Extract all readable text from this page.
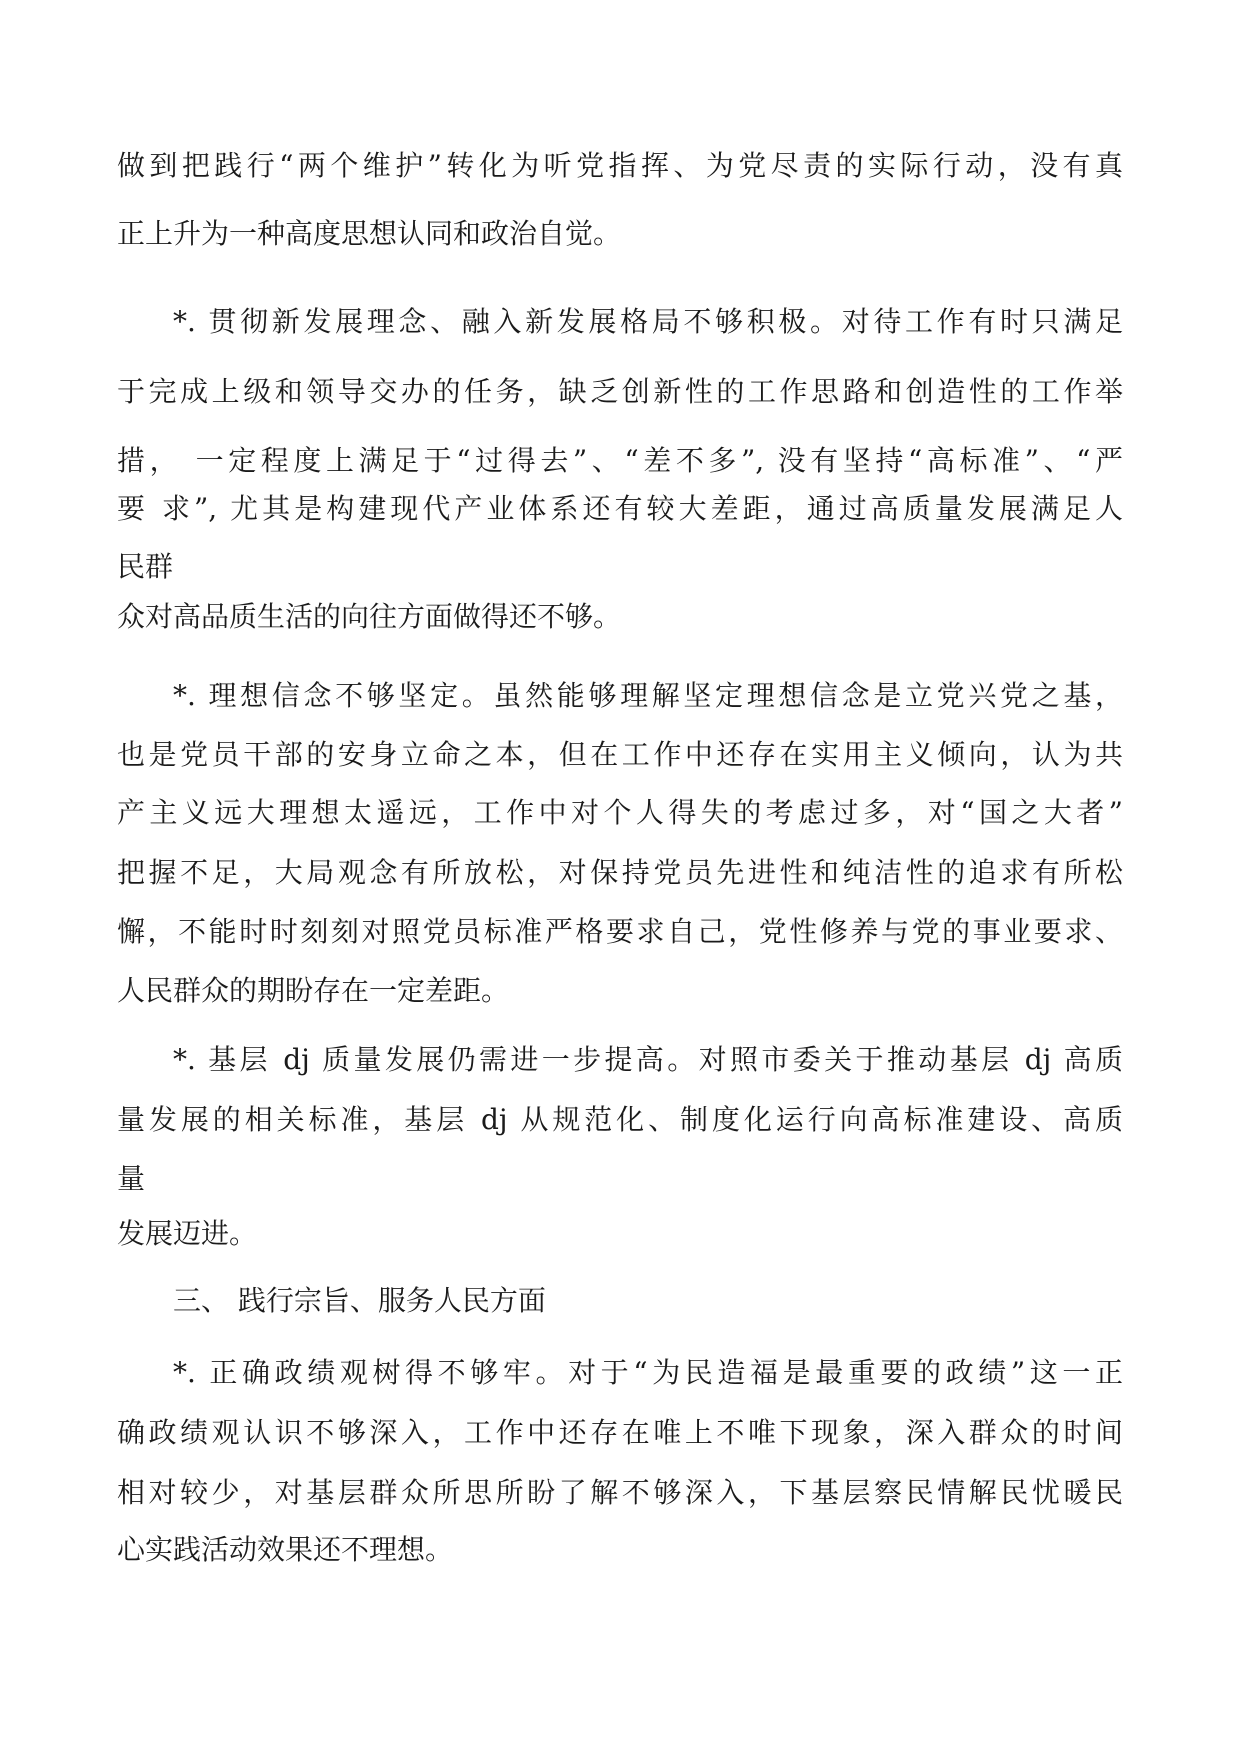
做到把践行“两个维护”转化为听党指挥、为党尽责的实际行动，没有真

正上升为一种高度思想认同和政治自觉。

*. 贯彻新发展理念、融入新发展格局不够积极。对待工作有时只满足

于完成上级和领导交办的任务，缺乏创新性的工作思路和创造性的工作举

措， 一定程度上满足于“过得去”、“差不多”, 没有坚持“高标准”、“严

要 求”, 尤其是构建现代产业体系还有较大差距，通过高质量发展满足人

民群

众对高品质生活的向往方面做得还不够。

*. 理想信念不够坚定。虽然能够理解坚定理想信念是立党兴党之基，

也是党员干部的安身立命之本，但在工作中还存在实用主义倾向，认为共

产主义远大理想太遥远，工作中对个人得失的考虑过多，对“国之大者”

把握不足，大局观念有所放松，对保持党员先进性和纯洁性的追求有所松

懈，不能时时刻刻对照党员标准严格要求自己，党性修养与党的事业要求、

人民群众的期盼存在一定差距。

*. 基层 dj 质量发展仍需进一步提高。对照市委关于推动基层 dj 高质

量发展的相关标准，基层 dj 从规范化、制度化运行向高标准建设、高质

量

发展迈进。

三、 践行宗旨、服务人民方面

*. 正确政绩观树得不够牢。对于“为民造福是最重要的政绩”这一正

确政绩观认识不够深入，工作中还存在唯上不唯下现象，深入群众的时间

相对较少，对基层群众所思所盼了解不够深入，下基层察民情解民忧暖民

心实践活动效果还不理想。
